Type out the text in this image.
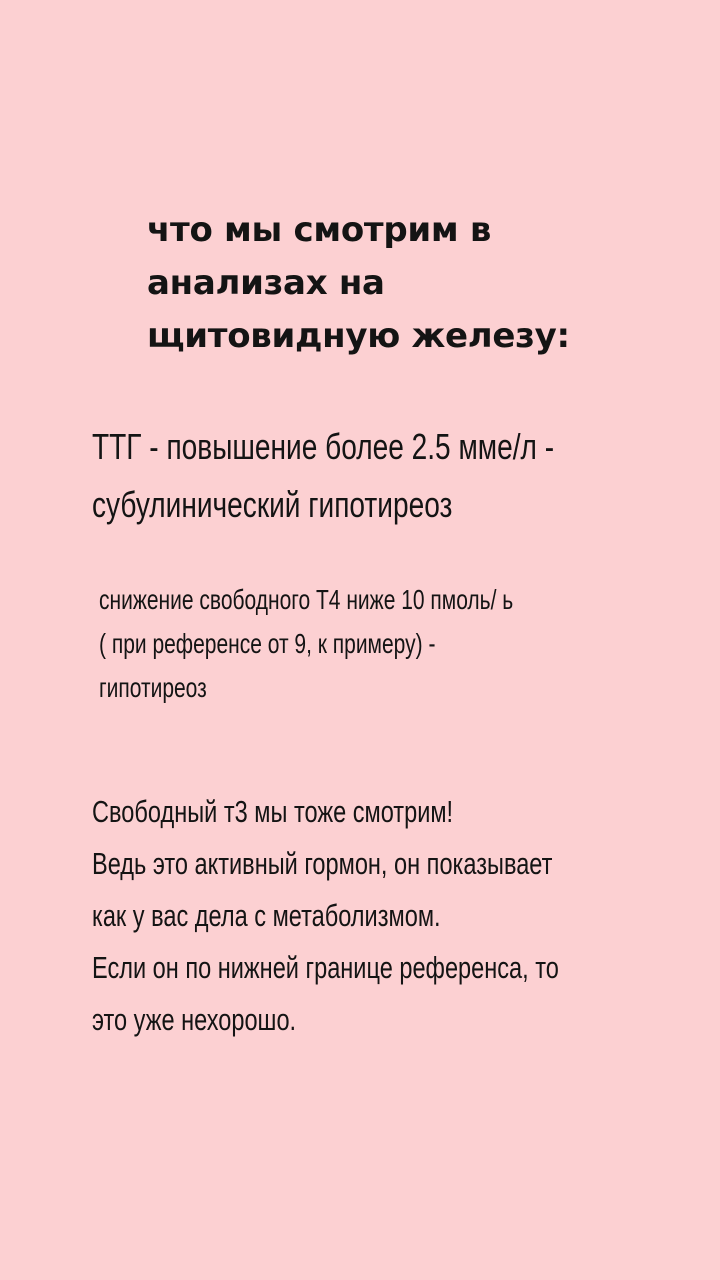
что мы смотрим в
анализах на
щитовидную железу:

ТТГ - повышение более 2.5 мме/л -
субулинический гипотиреоз

снижение свободного Т4 ниже 10 пмоль/ ь
( при референсе от 9, к примеру) -
гипотиреоз

Свободный т3 мы тоже смотрим!
Ведь это активный гормон, он показывает
как у вас дела с метаболизмом.
Если он по нижней границе референса, то
это уже нехорошо.
